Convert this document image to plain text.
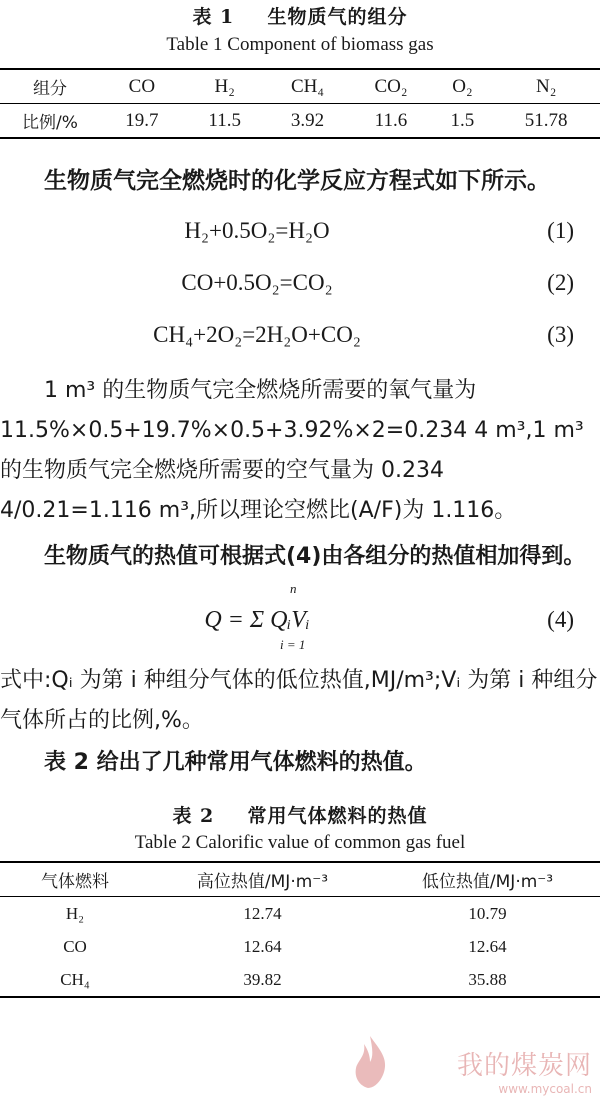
表 1 生物质气的组分
Table 1 Component of biomass gas
组分	CO	H₂	CH₄	CO₂	O₂	N₂
比例/%	19.7	11.5	3.92	11.6	1.5	51.78

生物质气完全燃烧时的化学反应方程式如下所示。

H₂+0.5O₂=H₂O	(1)
CO+0.5O₂=CO₂	(2)
CH₄+2O₂=2H₂O+CO₂	(3)

1 m³ 的生物质气完全燃烧所需要的氧气量为 11.5%×0.5+19.7%×0.5+3.92%×2=0.234 4 m³,1 m³ 的生物质气完全燃烧所需要的空气量为 0.234 4/0.21=1.116 m³,所以理论空燃比(A/F)为 1.116。

生物质气的热值可根据式(4)由各组分的热值相加得到。

n
Q = Σ QᵢVᵢ
i = 1
(4)

式中:Qᵢ 为第 i 种组分气体的低位热值,MJ/m³;Vᵢ 为第 i 种组分气体所占的比例,%。

表 2 给出了几种常用气体燃料的热值。

表 2 常用气体燃料的热值
Table 2 Calorific value of common gas fuel
气体燃料	高位热值/MJ·m⁻³	低位热值/MJ·m⁻³
H₂	12.74	10.79
CO	12.64	12.64
CH₄	39.82	35.88
我的煤炭网
www.mycoal.cn
